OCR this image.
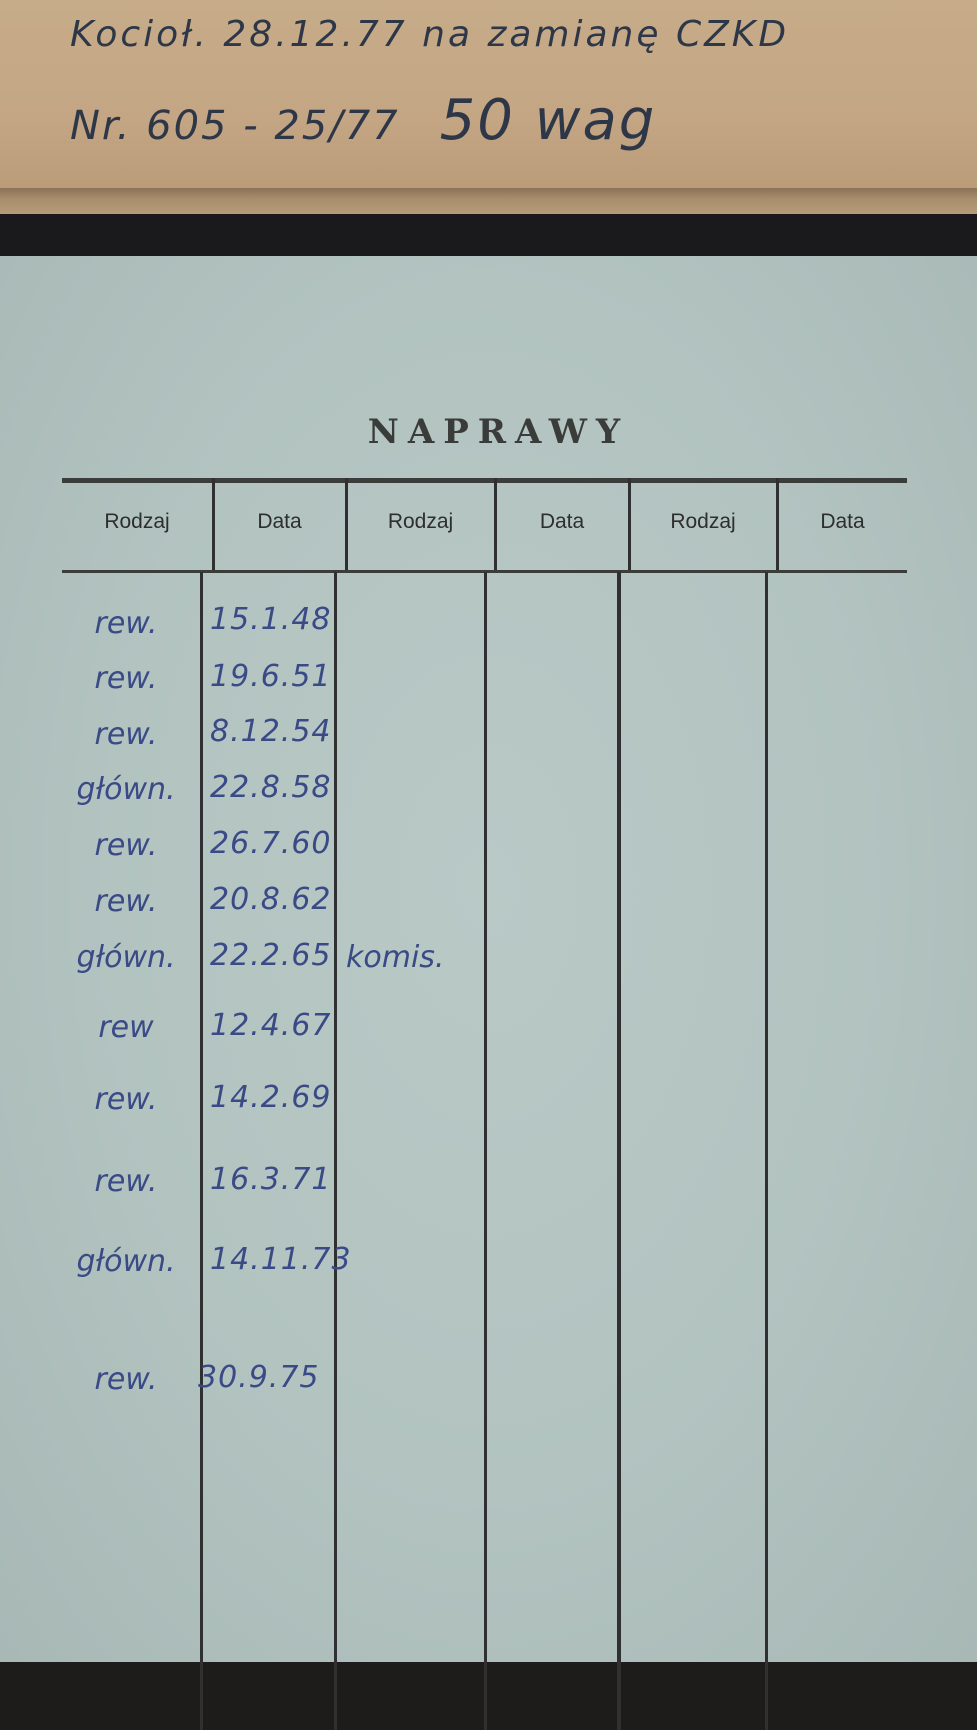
Kocioł. 28.12.77 na zamianę CZKD
Nr. 605 - 25/77 50 wag
NAPRAWY
Rodzaj	Data	Rodzaj	Data	Rodzaj	Data
rew.	15.1.48
rew.	19.6.51
rew.	8.12.54
główn.	22.8.58
rew.	26.7.60
rew.	20.8.62
główn.	22.2.65 komis.
rew	12.4.67
rew.	14.2.69
rew.	16.3.71
główn.	14.11.73
rew.	30.9.75
